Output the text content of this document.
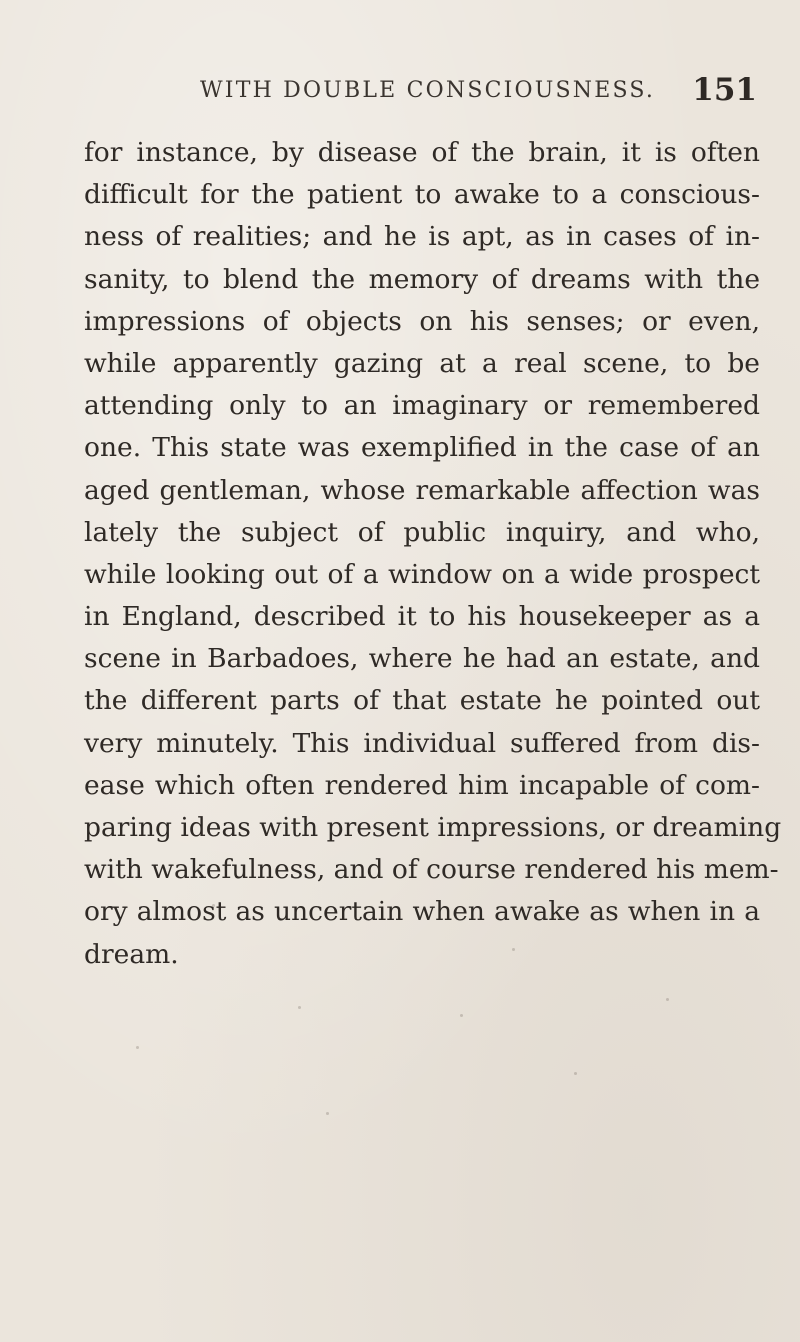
WITH DOUBLE CONSCIOUSNESS. 151
for instance, by disease of the brain, it is often
difficult for the patient to awake to a conscious-
ness of realities; and he is apt, as in cases of in-
sanity, to blend the memory of dreams with the
impressions of objects on his senses; or even,
while apparently gazing at a real scene, to be
attending only to an imaginary or remembered
one. This state was exemplified in the case of an
aged gentleman, whose remarkable affection was
lately the subject of public inquiry, and who,
while looking out of a window on a wide prospect
in England, described it to his housekeeper as a
scene in Barbadoes, where he had an estate, and
the different parts of that estate he pointed out
very minutely. This individual suffered from dis-
ease which often rendered him incapable of com-
paring ideas with present impressions, or dreaming
with wakefulness, and of course rendered his mem-
ory almost as uncertain when awake as when in a
dream.
